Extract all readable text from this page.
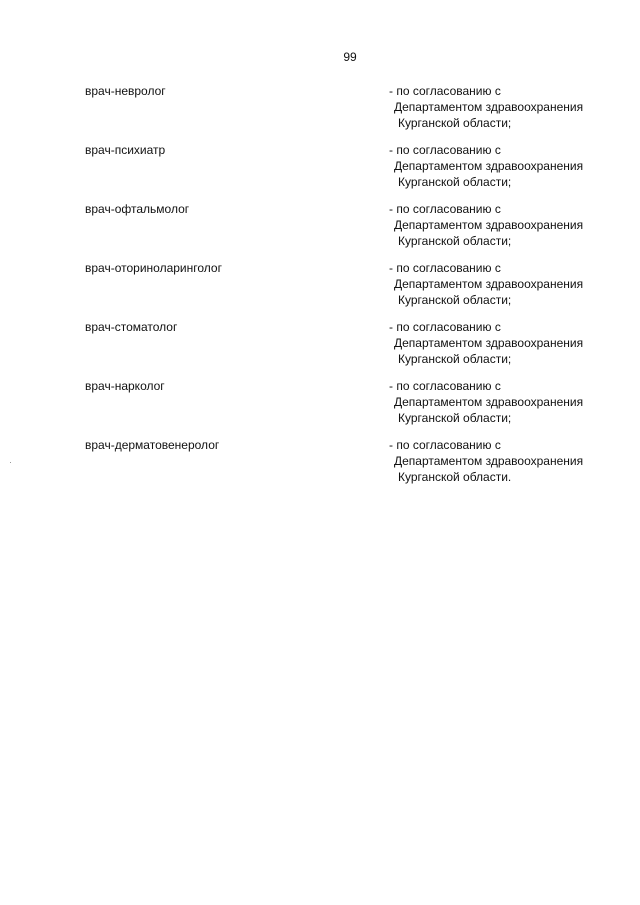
99
врач-невролог	- по согласованию с
Департаментом здравоохранения
Курганской области;
врач-психиатр	- по согласованию с
Департаментом здравоохранения
Курганской области;
врач-офтальмолог	- по согласованию с
Департаментом здравоохранения
Курганской области;
врач-оториноларинголог	- по согласованию с
Департаментом здравоохранения
Курганской области;
врач-стоматолог	- по согласованию с
Департаментом здравоохранения
Курганской области;
врач-нарколог	- по согласованию с
Департаментом здравоохранения
Курганской области;
врач-дерматовенеролог	- по согласованию с
Департаментом здравоохранения
Курганской области.
